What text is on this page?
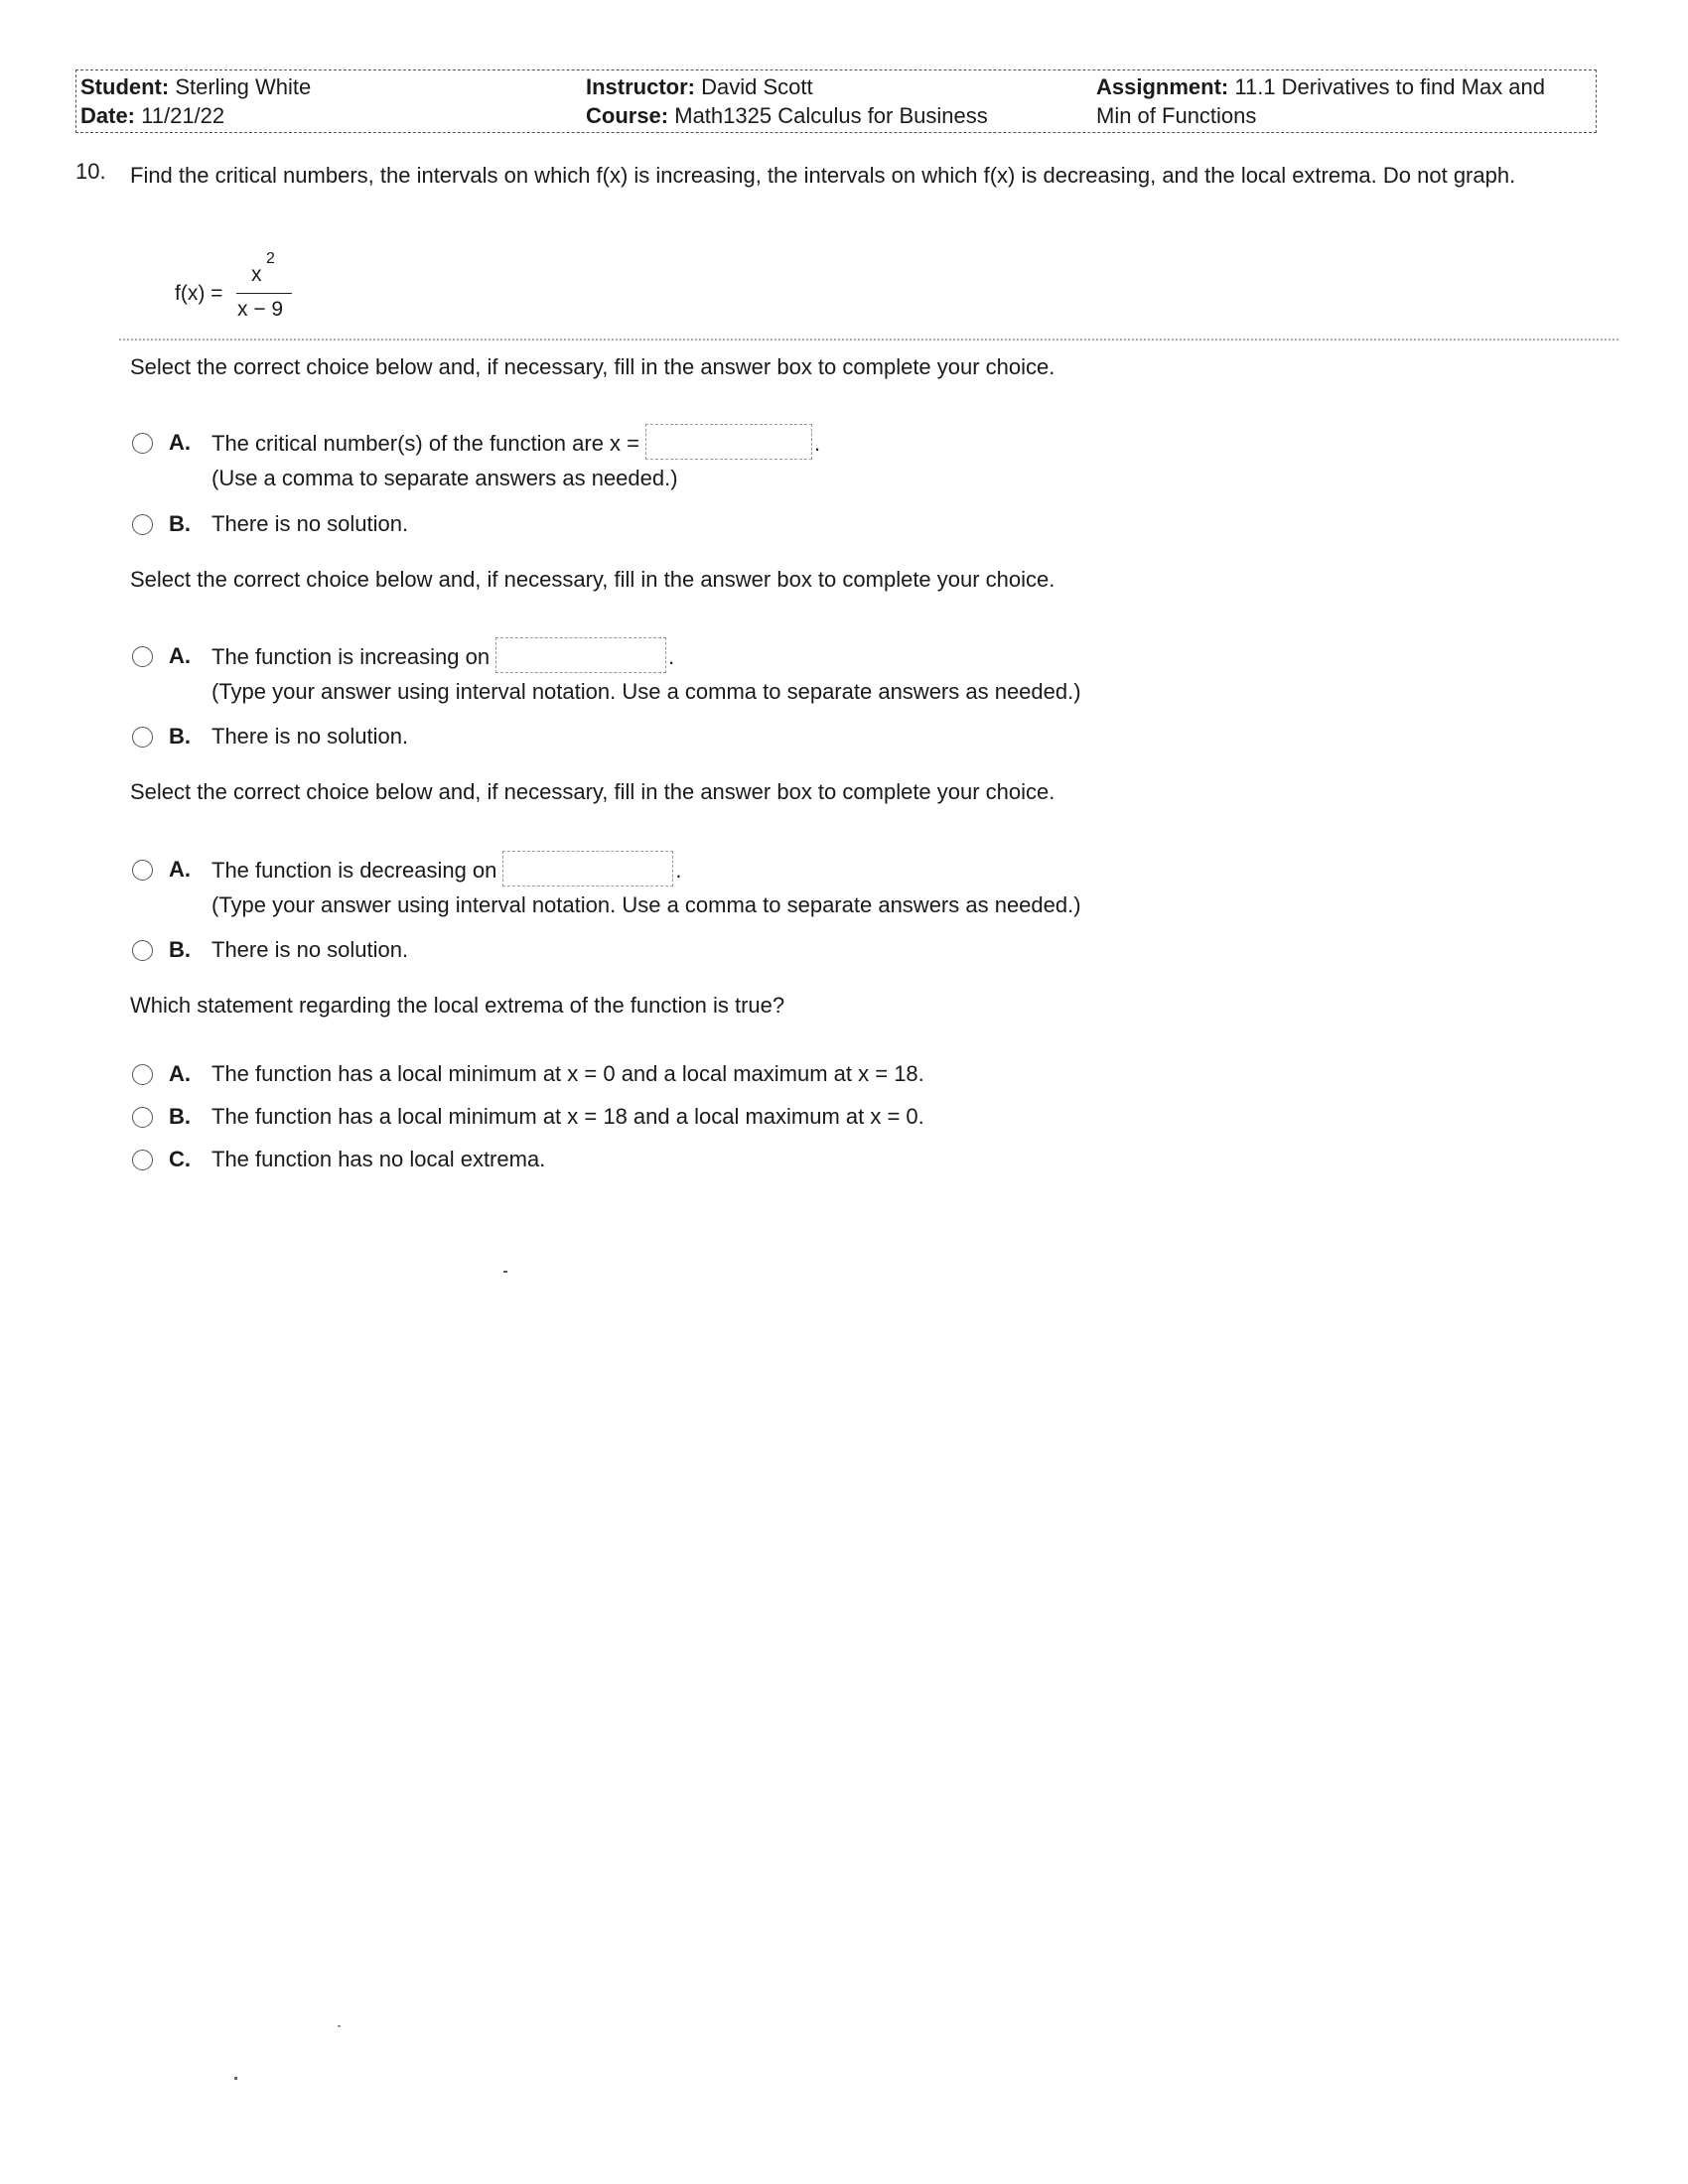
Student: Sterling White
Date: 11/21/22
Instructor: David Scott
Course: Math1325 Calculus for Business
Assignment: 11.1 Derivatives to find Max and
Min of Functions
10. Find the critical numbers, the intervals on which f(x) is increasing, the intervals on which f(x) is decreasing, and the local extrema. Do not graph.
f(x) =
x
2
x − 9
Select the correct choice below and, if necessary, fill in the answer box to complete your choice.
A. The critical number(s) of the function are x =	.
(Use a comma to separate answers as needed.)
B. There is no solution.
Select the correct choice below and, if necessary, fill in the answer box to complete your choice.
A. The function is increasing on	.
(Type your answer using interval notation. Use a comma to separate answers as needed.)
B. There is no solution.
Select the correct choice below and, if necessary, fill in the answer box to complete your choice.
A. The function is decreasing on	.
(Type your answer using interval notation. Use a comma to separate answers as needed.)
B. There is no solution.
Which statement regarding the local extrema of the function is true?
A. The function has a local minimum at x = 0 and a local maximum at x = 18.
B. The function has a local minimum at x = 18 and a local maximum at x = 0.
C. The function has no local extrema.
